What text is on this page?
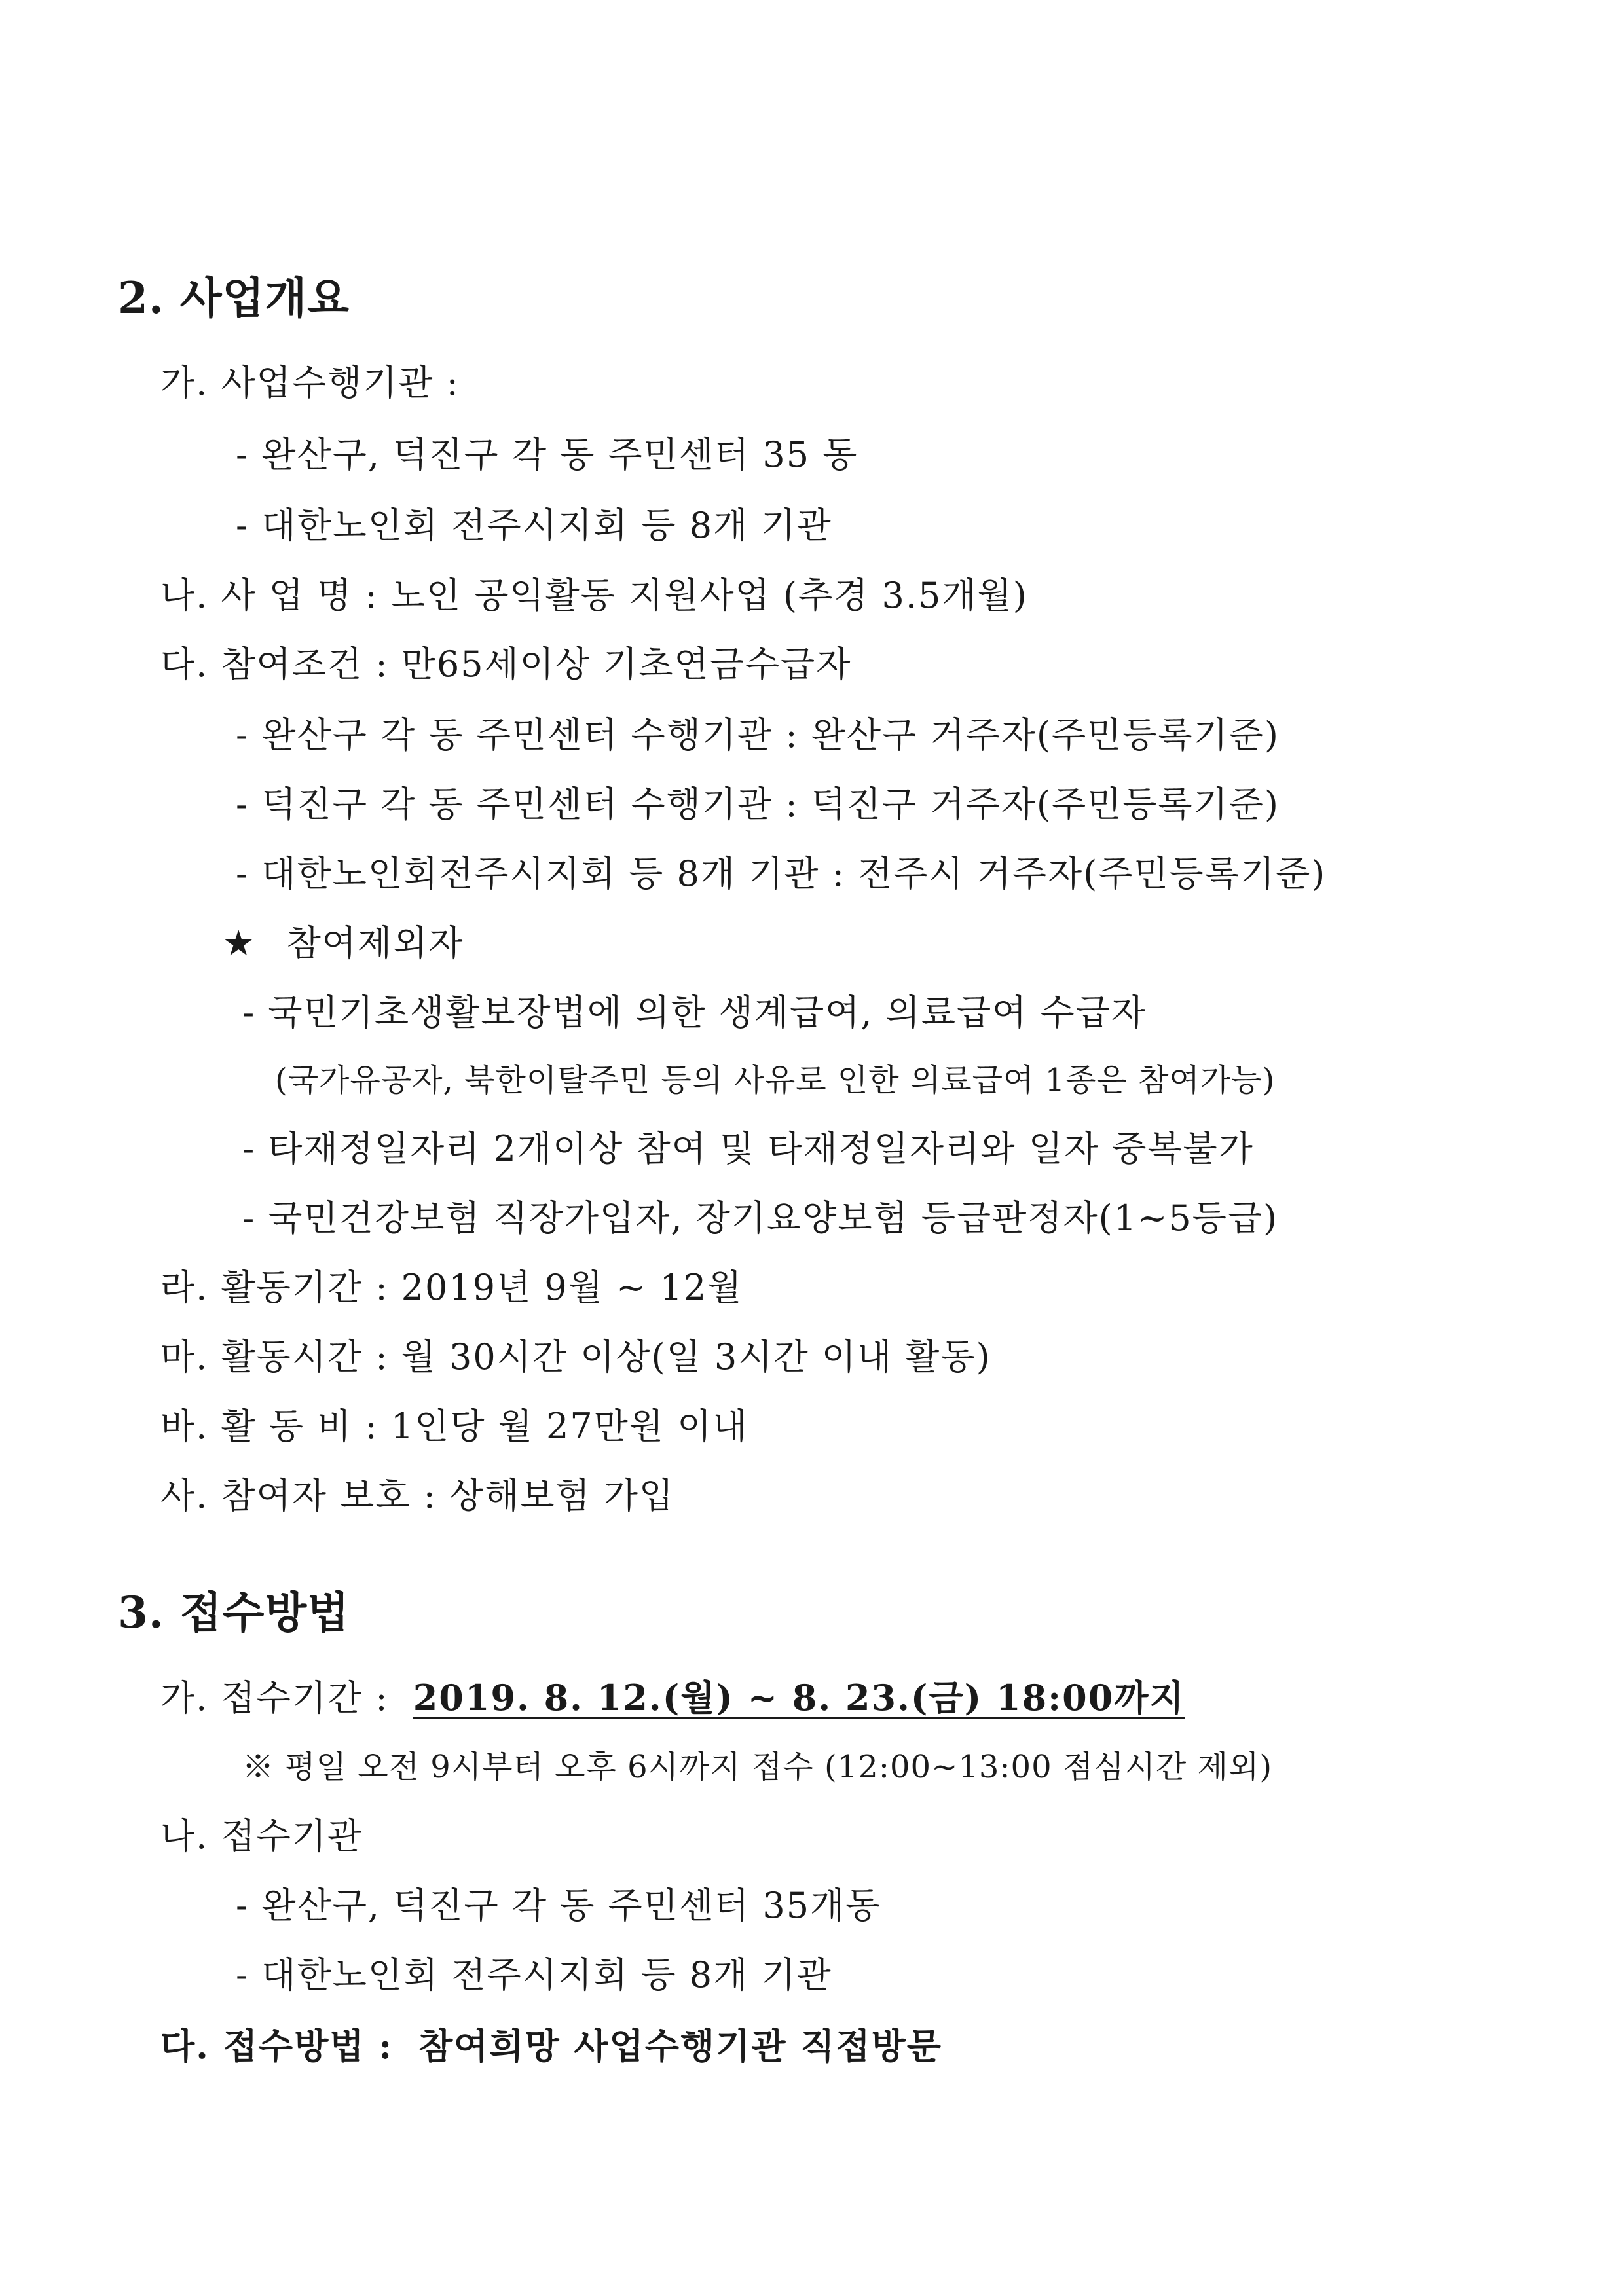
2. 사업개요
가. 사업수행기관 :
- 완산구, 덕진구 각 동 주민센터 35 동
- 대한노인회 전주시지회 등 8개 기관
나. 사 업 명 : 노인 공익활동 지원사업 (추경 3.5개월)
다. 참여조건 : 만65세이상 기초연금수급자
- 완산구 각 동 주민센터 수행기관 : 완산구 거주자(주민등록기준)
- 덕진구 각 동 주민센터 수행기관 : 덕진구 거주자(주민등록기준)
- 대한노인회전주시지회 등 8개 기관 : 전주시 거주자(주민등록기준)
★ 참여제외자
- 국민기초생활보장법에 의한 생계급여, 의료급여 수급자
(국가유공자, 북한이탈주민 등의 사유로 인한 의료급여 1종은 참여가능)
- 타재정일자리 2개이상 참여 및 타재정일자리와 일자 중복불가
- 국민건강보험 직장가입자, 장기요양보험 등급판정자(1~5등급)
라. 활동기간 : 2019년 9월 ~ 12월
마. 활동시간 : 월 30시간 이상(일 3시간 이내 활동)
바. 활 동 비 : 1인당 월 27만원 이내
사. 참여자 보호 : 상해보험 가입
3. 접수방법
가. 접수기간 : 2019. 8. 12.(월) ~ 8. 23.(금) 18:00까지
※ 평일 오전 9시부터 오후 6시까지 접수 (12:00~13:00 점심시간 제외)
나. 접수기관
- 완산구, 덕진구 각 동 주민센터 35개동
- 대한노인회 전주시지회 등 8개 기관
다. 접수방법 : 참여희망 사업수행기관 직접방문
